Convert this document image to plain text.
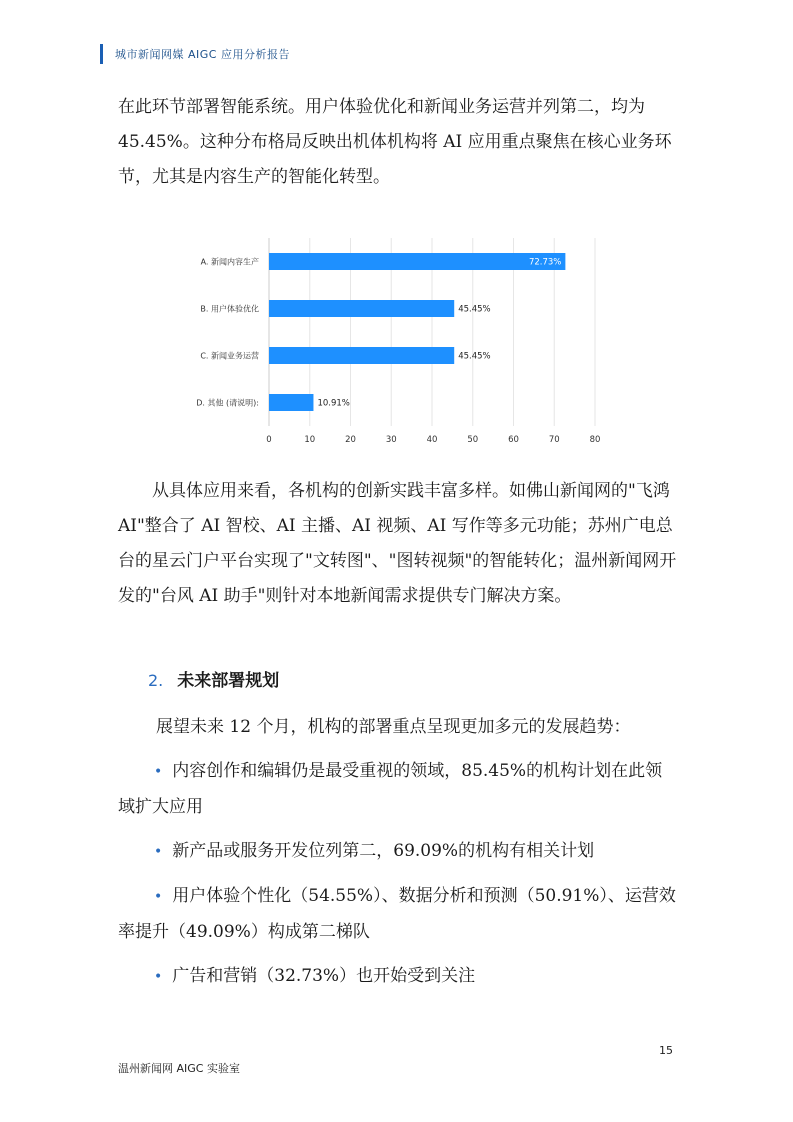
城市新闻网媒 AIGC 应用分析报告

在此环节部署智能系统。用户体验优化和新闻业务运营并列第二，均为 45.45%。这种分布格局反映出机体机构将 AI 应用重点聚焦在核心业务环节，尤其是内容生产的智能化转型。

0	10	20	30	40	50	60	70	80
A. 新闻内容生产	72.73%
B. 用户体验优化	45.45%
C. 新闻业务运营	45.45%
D. 其他 (请说明):	10.91%

从具体应用来看，各机构的创新实践丰富多样。如佛山新闻网的"飞鸿 AI"整合了 AI 智校、AI 主播、AI 视频、AI 写作等多元功能；苏州广电总台的星云门户平台实现了"文转图"、"图转视频"的智能转化；温州新闻网开发的"台风 AI 助手"则针对本地新闻需求提供专门解决方案。

2. 未来部署规划

展望未来 12 个月，机构的部署重点呈现更加多元的发展趋势：

• 内容创作和编辑仍是最受重视的领域，85.45%的机构计划在此领域扩大应用
• 新产品或服务开发位列第二，69.09%的机构有相关计划
• 用户体验个性化（54.55%）、数据分析和预测（50.91%）、运营效率提升（49.09%）构成第二梯队
• 广告和营销（32.73%）也开始受到关注
15
温州新闻网 AIGC 实验室
